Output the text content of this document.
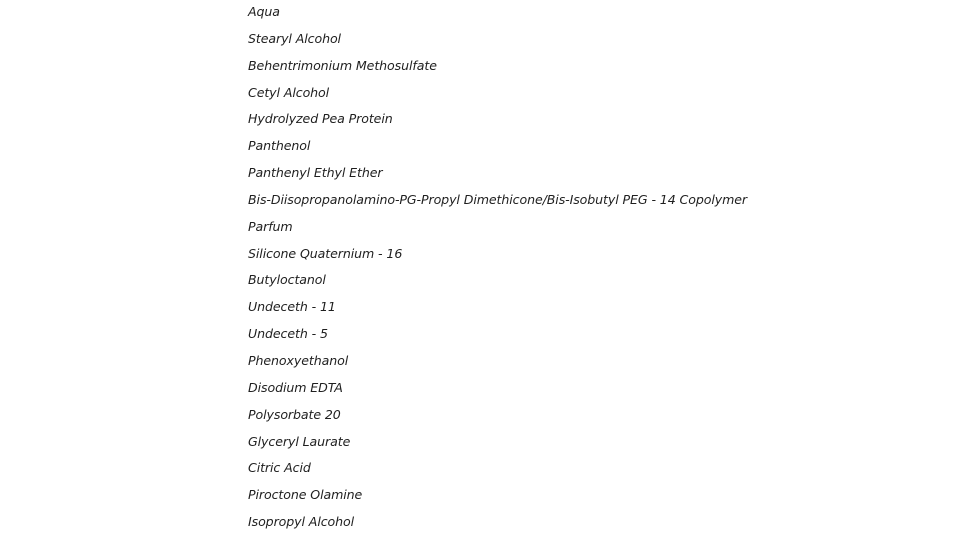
Aqua
Stearyl Alcohol
Behentrimonium Methosulfate
Cetyl Alcohol
Hydrolyzed Pea Protein
Panthenol
Panthenyl Ethyl Ether
Bis-Diisopropanolamino-PG-Propyl Dimethicone/Bis-Isobutyl PEG - 14 Copolymer
Parfum
Silicone Quaternium - 16
Butyloctanol
Undeceth - 11
Undeceth - 5
Phenoxyethanol
Disodium EDTA
Polysorbate 20
Glyceryl Laurate
Citric Acid
Piroctone Olamine
Isopropyl Alcohol
